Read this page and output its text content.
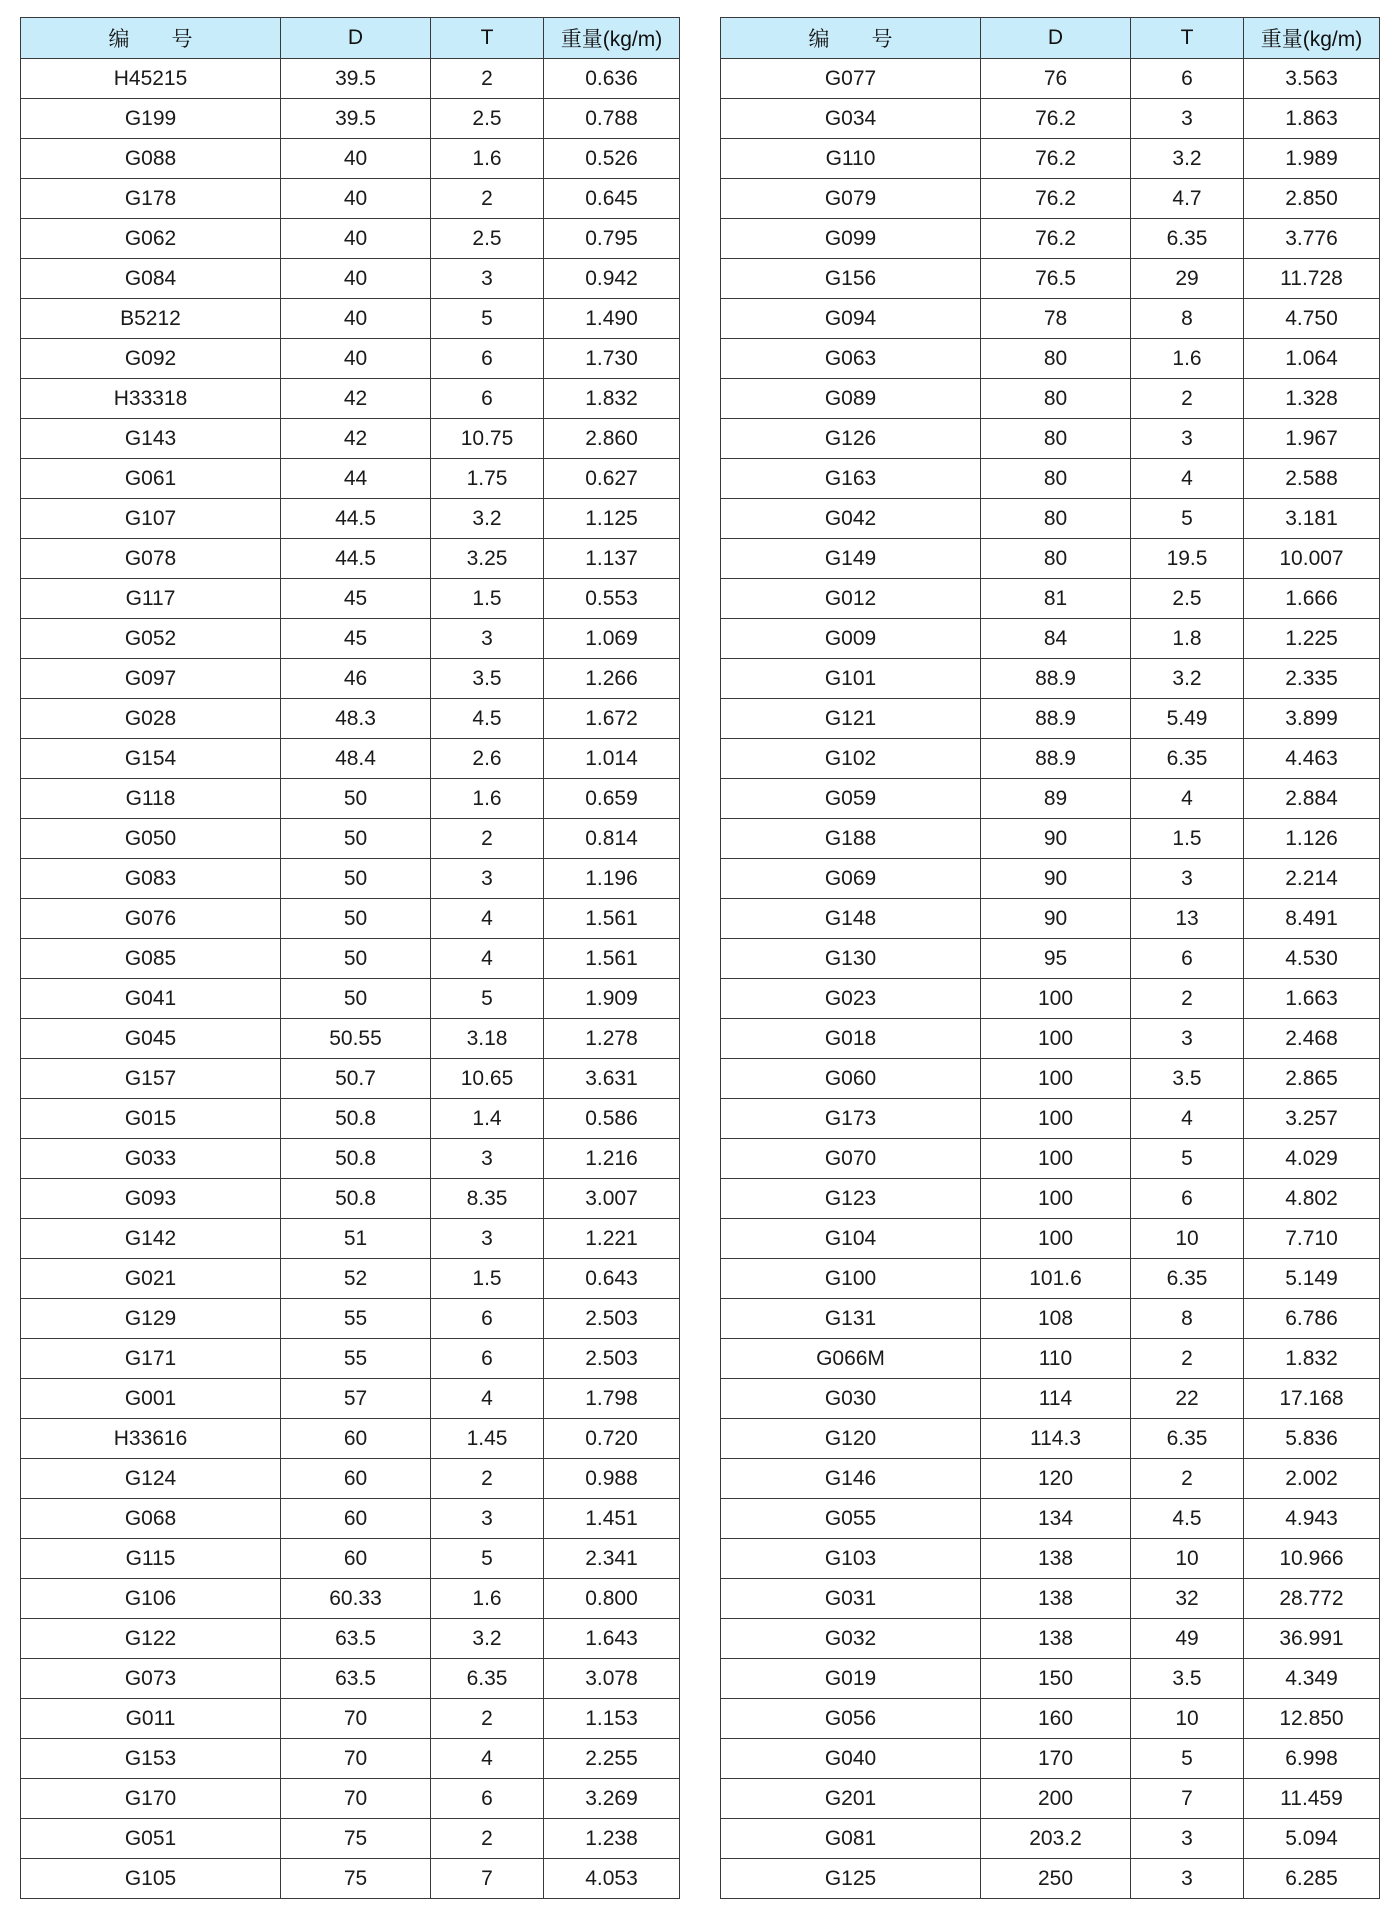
编　　号	D	T	重量(kg/m)
H45215	39.5	2	0.636
G199	39.5	2.5	0.788
G088	40	1.6	0.526
G178	40	2	0.645
G062	40	2.5	0.795
G084	40	3	0.942
B5212	40	5	1.490
G092	40	6	1.730
H33318	42	6	1.832
G143	42	10.75	2.860
G061	44	1.75	0.627
G107	44.5	3.2	1.125
G078	44.5	3.25	1.137
G117	45	1.5	0.553
G052	45	3	1.069
G097	46	3.5	1.266
G028	48.3	4.5	1.672
G154	48.4	2.6	1.014
G118	50	1.6	0.659
G050	50	2	0.814
G083	50	3	1.196
G076	50	4	1.561
G085	50	4	1.561
G041	50	5	1.909
G045	50.55	3.18	1.278
G157	50.7	10.65	3.631
G015	50.8	1.4	0.586
G033	50.8	3	1.216
G093	50.8	8.35	3.007
G142	51	3	1.221
G021	52	1.5	0.643
G129	55	6	2.503
G171	55	6	2.503
G001	57	4	1.798
H33616	60	1.45	0.720
G124	60	2	0.988
G068	60	3	1.451
G115	60	5	2.341
G106	60.33	1.6	0.800
G122	63.5	3.2	1.643
G073	63.5	6.35	3.078
G011	70	2	1.153
G153	70	4	2.255
G170	70	6	3.269
G051	75	2	1.238
G105	75	7	4.053
编　　号	D	T	重量(kg/m)
G077	76	6	3.563
G034	76.2	3	1.863
G110	76.2	3.2	1.989
G079	76.2	4.7	2.850
G099	76.2	6.35	3.776
G156	76.5	29	11.728
G094	78	8	4.750
G063	80	1.6	1.064
G089	80	2	1.328
G126	80	3	1.967
G163	80	4	2.588
G042	80	5	3.181
G149	80	19.5	10.007
G012	81	2.5	1.666
G009	84	1.8	1.225
G101	88.9	3.2	2.335
G121	88.9	5.49	3.899
G102	88.9	6.35	4.463
G059	89	4	2.884
G188	90	1.5	1.126
G069	90	3	2.214
G148	90	13	8.491
G130	95	6	4.530
G023	100	2	1.663
G018	100	3	2.468
G060	100	3.5	2.865
G173	100	4	3.257
G070	100	5	4.029
G123	100	6	4.802
G104	100	10	7.710
G100	101.6	6.35	5.149
G131	108	8	6.786
G066M	110	2	1.832
G030	114	22	17.168
G120	114.3	6.35	5.836
G146	120	2	2.002
G055	134	4.5	4.943
G103	138	10	10.966
G031	138	32	28.772
G032	138	49	36.991
G019	150	3.5	4.349
G056	160	10	12.850
G040	170	5	6.998
G201	200	7	11.459
G081	203.2	3	5.094
G125	250	3	6.285
